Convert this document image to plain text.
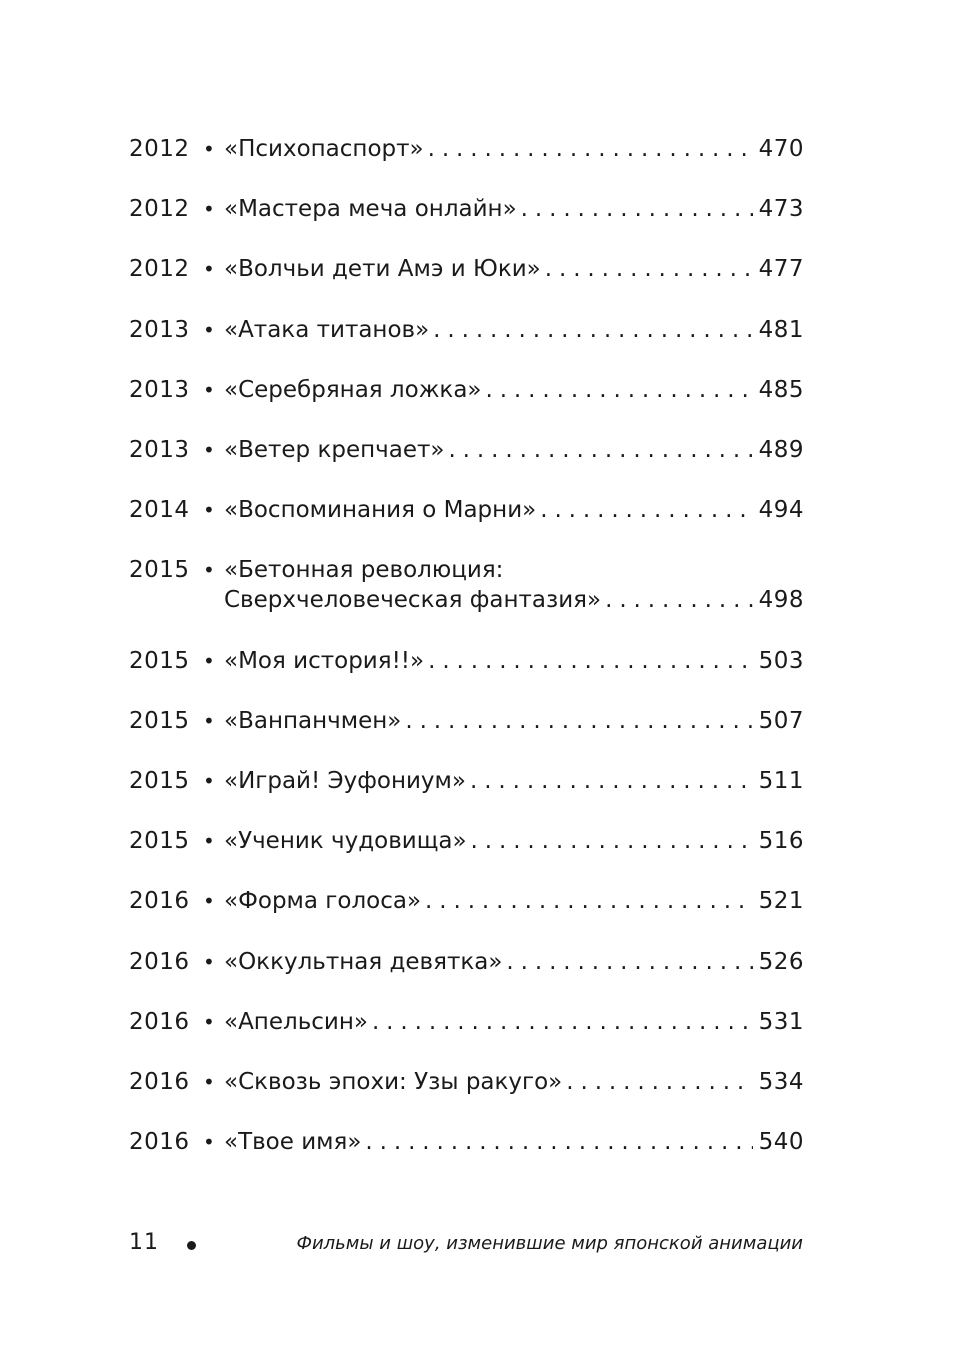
2012 • «Психопаспорт» . . .	470
2012 • «Мастера меча онлайн» . . .	473
2012 • «Волчьи дети Амэ и Юки» . . .	477
2013 • «Атака титанов» . . .	481
2013 • «Серебряная ложка» . . .	485
2013 • «Ветер крепчает» . . .	489
2014 • «Воспоминания о Марни» . . .	494
2015 • «Бетонная революция:
Сверхчеловеческая фантазия» . . .	498
2015 • «Моя история!!» . . .	503
2015 • «Ванпанчмен» . . .	507
2015 • «Играй! Эуфониум» . . .	511
2015 • «Ученик чудовища» . . .	516
2016 • «Форма голоса» . . .	521
2016 • «Оккультная девятка» . . .	526
2016 • «Апельсин» . . .	531
2016 • «Сквозь эпохи: Узы ракуго» . . .	534
2016 • «Твое имя» . . .	540
11	Фильмы и шоу, изменившие мир японской анимации
